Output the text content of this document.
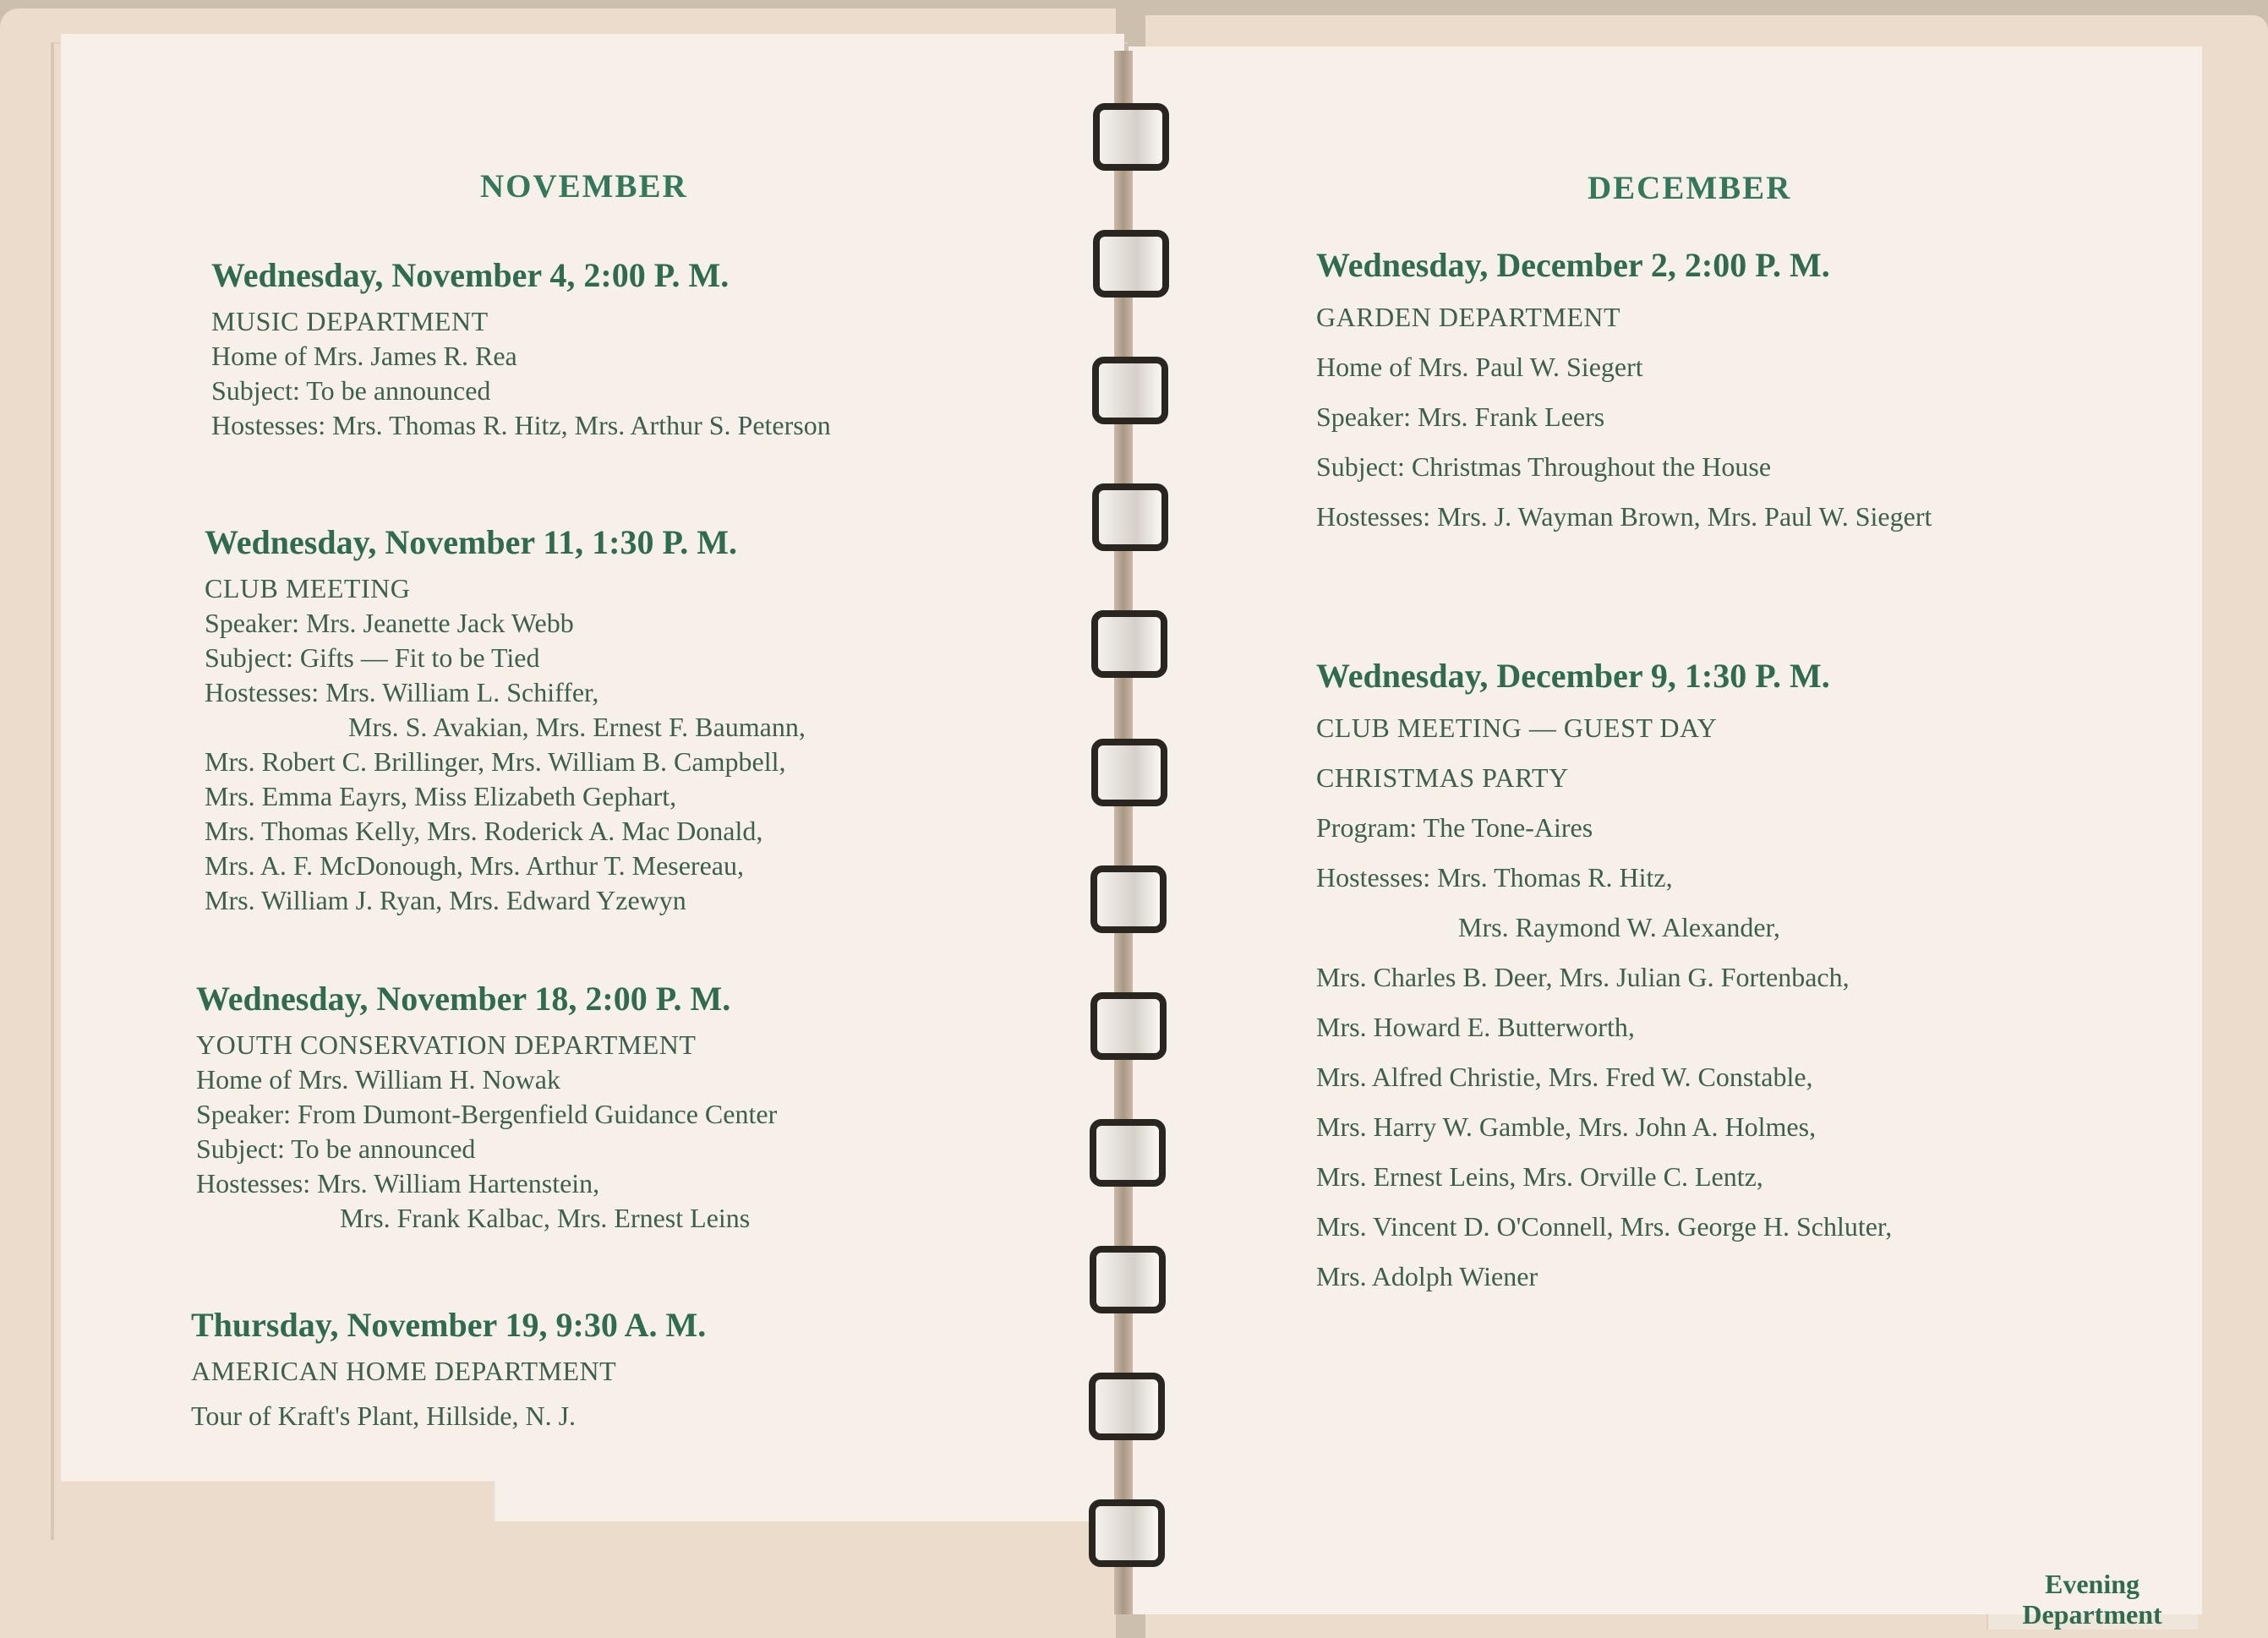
NOVEMBER
Wednesday, November 4, 2:00 P. M.
MUSIC DEPARTMENT
Home of Mrs. James R. Rea
Subject: To be announced
Hostesses: Mrs. Thomas R. Hitz, Mrs. Arthur S. Peterson
Wednesday, November 11, 1:30 P. M.
CLUB MEETING
Speaker: Mrs. Jeanette Jack Webb
Subject: Gifts — Fit to be Tied
Hostesses: Mrs. William L. Schiffer,
Mrs. S. Avakian, Mrs. Ernest F. Baumann,
Mrs. Robert C. Brillinger, Mrs. William B. Campbell,
Mrs. Emma Eayrs, Miss Elizabeth Gephart,
Mrs. Thomas Kelly, Mrs. Roderick A. Mac Donald,
Mrs. A. F. McDonough, Mrs. Arthur T. Mesereau,
Mrs. William J. Ryan, Mrs. Edward Yzewyn
Wednesday, November 18, 2:00 P. M.
YOUTH CONSERVATION DEPARTMENT
Home of Mrs. William H. Nowak
Speaker: From Dumont-Bergenfield Guidance Center
Subject: To be announced
Hostesses: Mrs. William Hartenstein,
Mrs. Frank Kalbac, Mrs. Ernest Leins
Thursday, November 19, 9:30 A. M.
AMERICAN HOME DEPARTMENT
Tour of Kraft's Plant, Hillside, N. J.
DECEMBER
Wednesday, December 2, 2:00 P. M.
GARDEN DEPARTMENT
Home of Mrs. Paul W. Siegert
Speaker: Mrs. Frank Leers
Subject: Christmas Throughout the House
Hostesses: Mrs. J. Wayman Brown, Mrs. Paul W. Siegert
Wednesday, December 9, 1:30 P. M.
CLUB MEETING — GUEST DAY
CHRISTMAS PARTY
Program: The Tone-Aires
Hostesses: Mrs. Thomas R. Hitz,
Mrs. Raymond W. Alexander,
Mrs. Charles B. Deer, Mrs. Julian G. Fortenbach,
Mrs. Howard E. Butterworth,
Mrs. Alfred Christie, Mrs. Fred W. Constable,
Mrs. Harry W. Gamble, Mrs. John A. Holmes,
Mrs. Ernest Leins, Mrs. Orville C. Lentz,
Mrs. Vincent D. O'Connell, Mrs. George H. Schluter,
Mrs. Adolph Wiener
Evening
Department
